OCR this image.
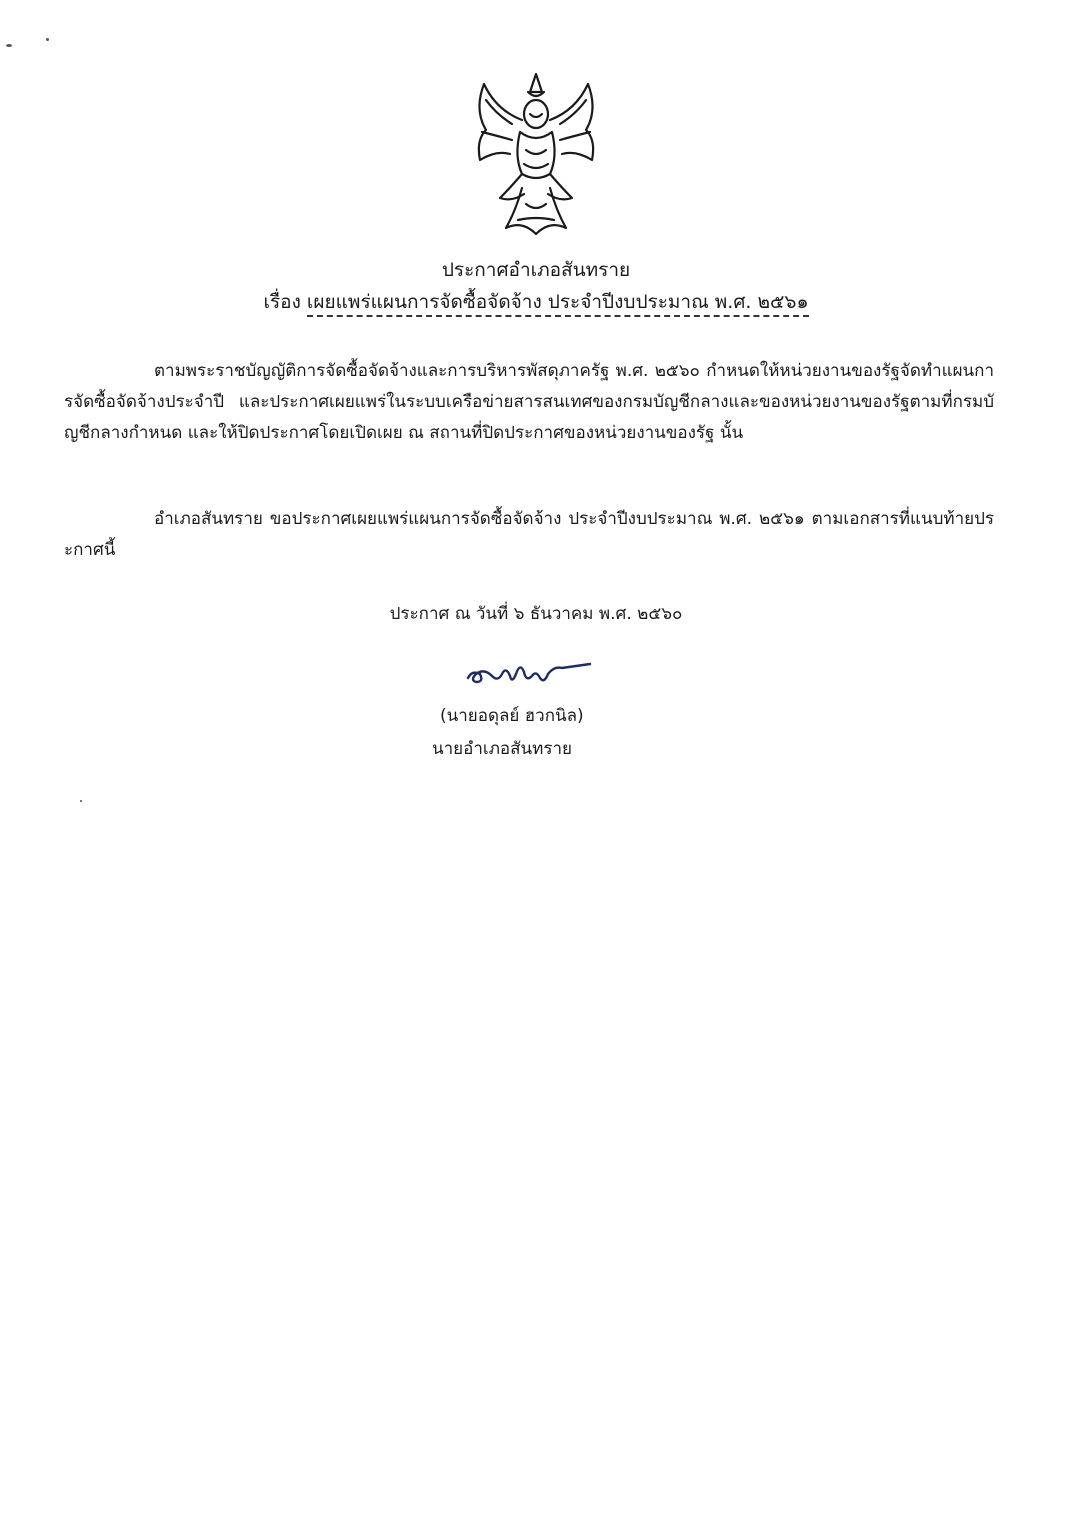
ประกาศอำเภอสันทราย
เรื่อง เผยแพร่แผนการจัดซื้อจัดจ้าง ประจำปีงบประมาณ พ.ศ. ๒๕๖๑
ตามพระราชบัญญัติการจัดซื้อจัดจ้างและการบริหารพัสดุภาครัฐ พ.ศ. ๒๕๖๐ กำหนดให้หน่วยงานของรัฐจัดทำแผนการจัดซื้อจัดจ้างประจำปี และประกาศเผยแพร่ในระบบเครือข่ายสารสนเทศของกรมบัญชีกลางและของหน่วยงานของรัฐตามที่กรมบัญชีกลางกำหนด และให้ปิดประกาศโดยเปิดเผย ณ สถานที่ปิดประกาศของหน่วยงานของรัฐ นั้น
อำเภอสันทราย ขอประกาศเผยแพร่แผนการจัดซื้อจัดจ้าง ประจำปีงบประมาณ พ.ศ. ๒๕๖๑ ตามเอกสารที่แนบท้ายประกาศนี้
ประกาศ ณ วันที่ ๖ ธันวาคม พ.ศ. ๒๕๖๐
(นายอดุลย์ ฮวกนิล)
นายอำเภอสันทราย
